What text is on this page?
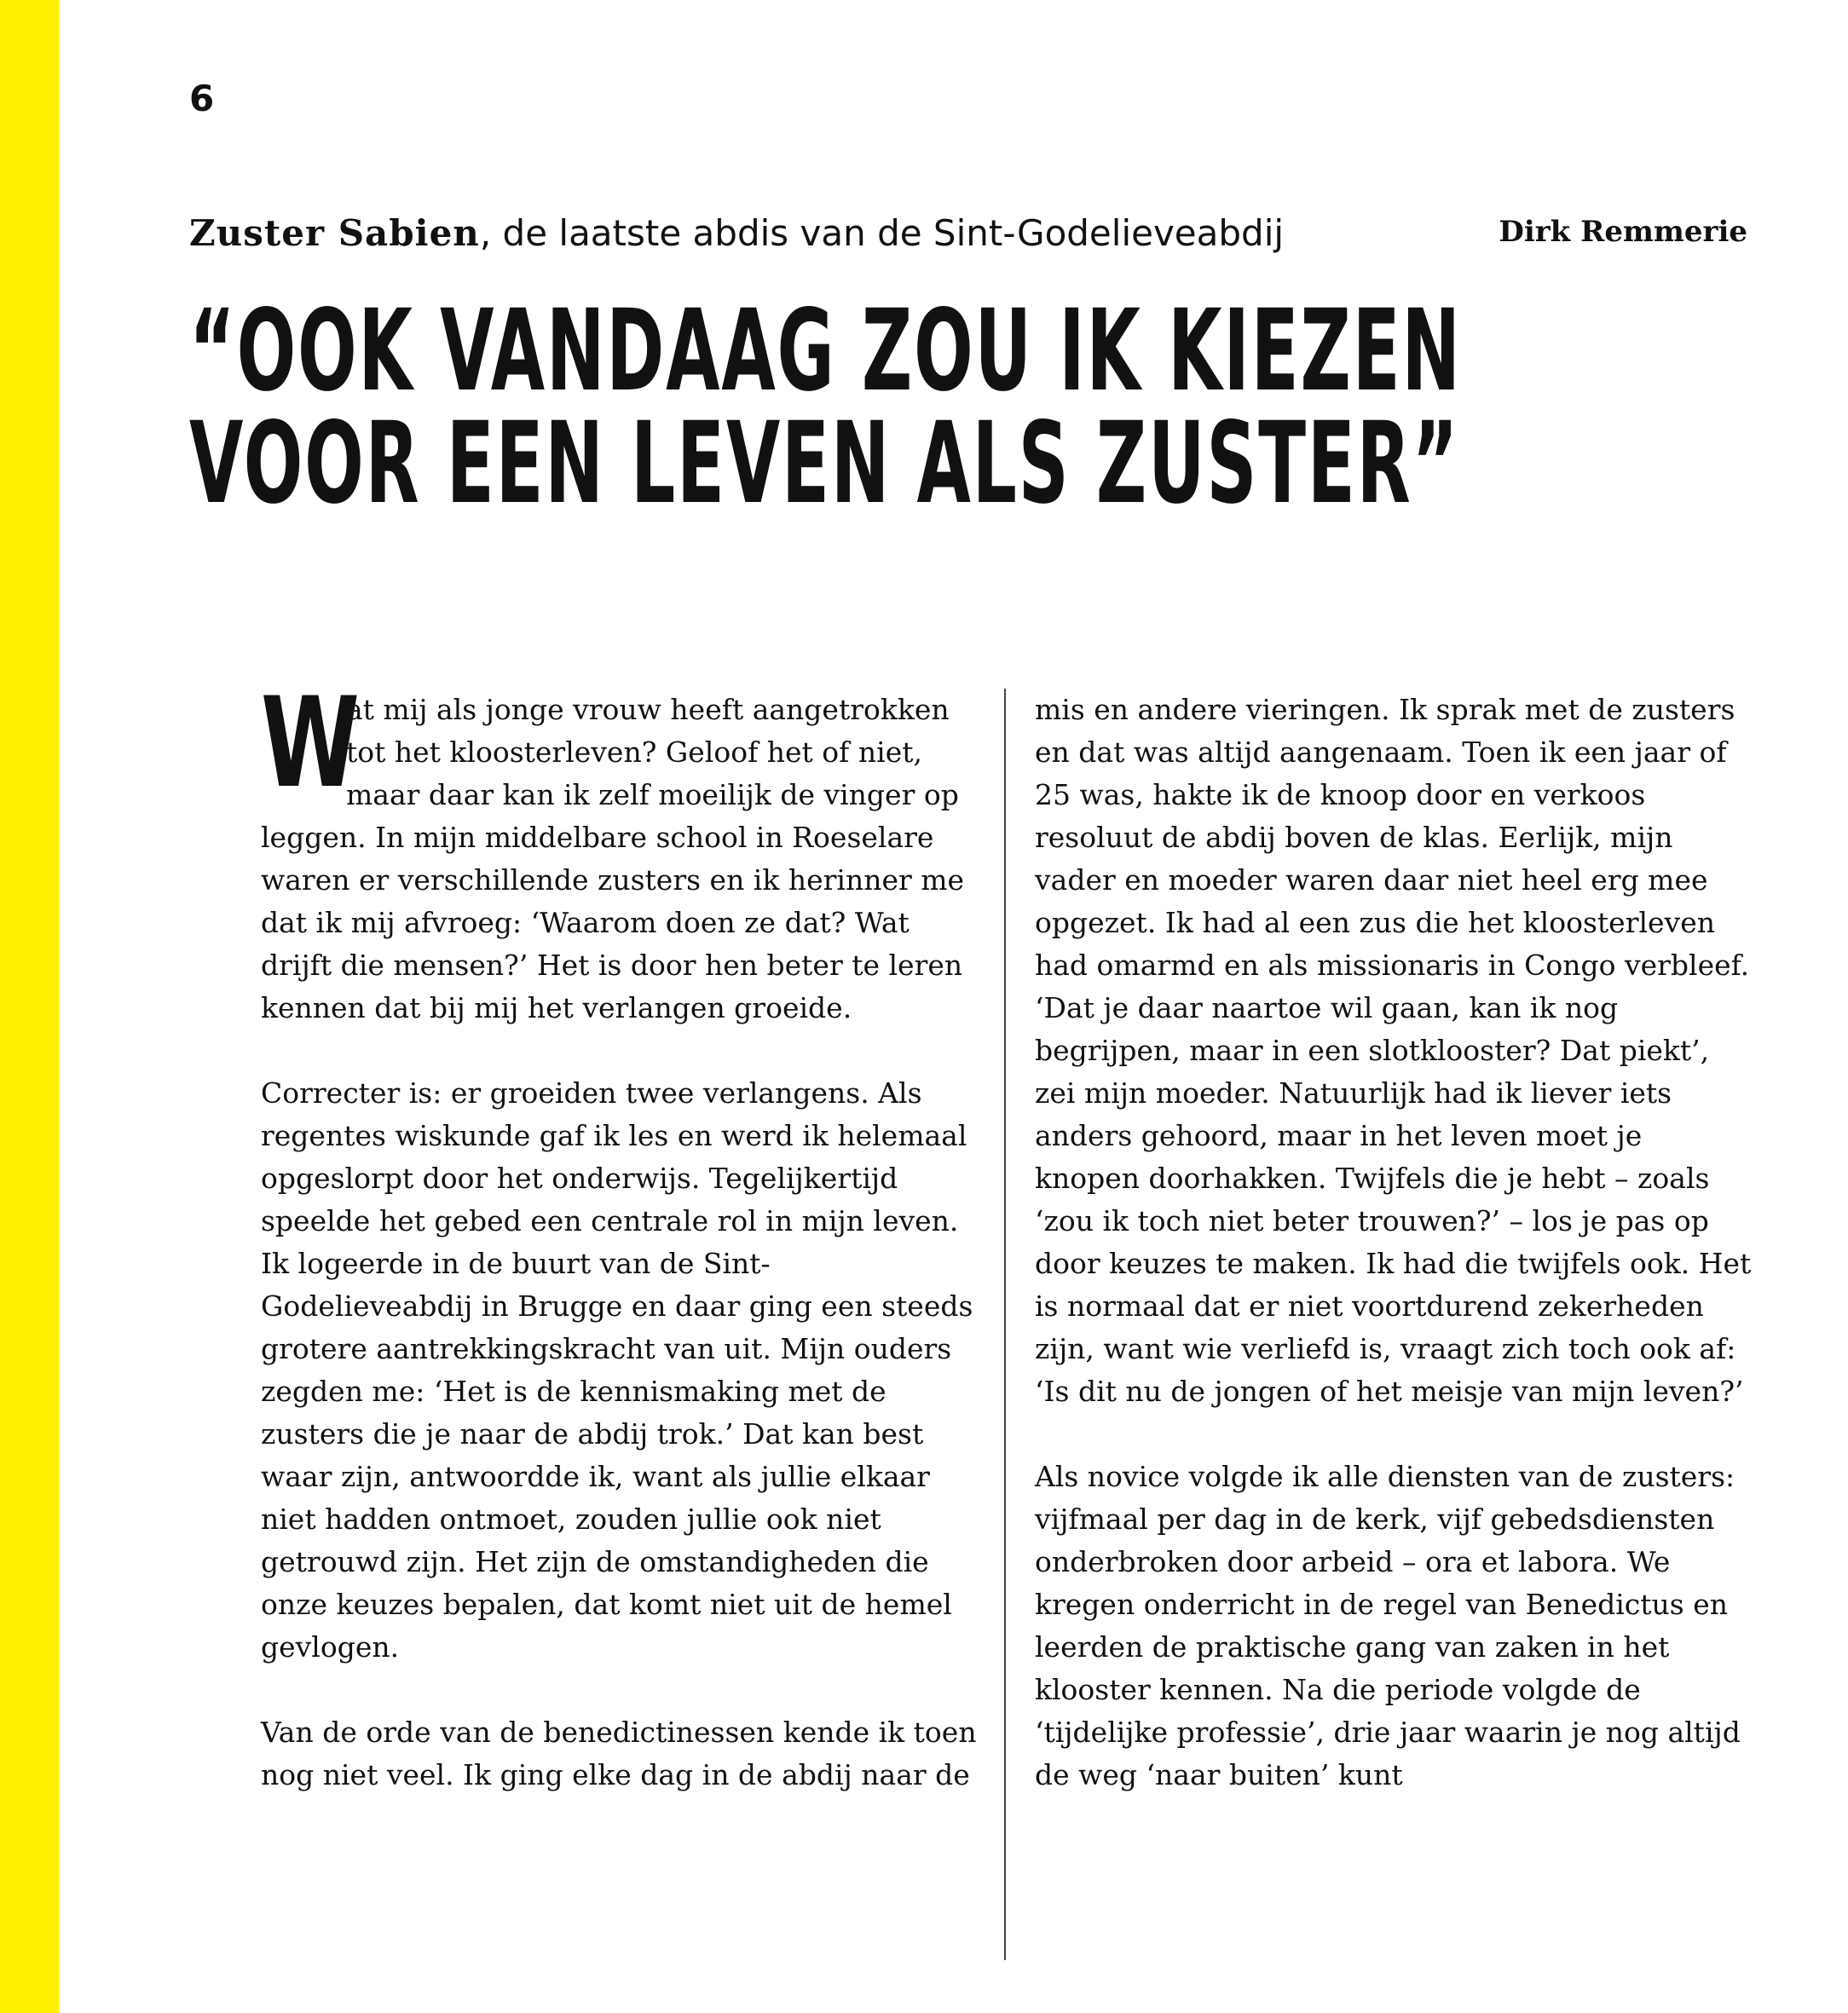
6
Zuster Sabien, de laatste abdis van de Sint-Godelieveabdij	Dirk Remmerie
“OOK VANDAAG ZOU IK KIEZEN
VOOR EEN LEVEN ALS ZUSTER”

W
at mij als jonge vrouw heeft aangetrokken tot het kloosterleven? Geloof het of niet, maar daar kan ik zelf moeilijk de vinger op leggen. In mijn middelbare school in Roeselare waren er verschillende zusters en ik herinner me dat ik mij afvroeg: ‘Waarom doen ze dat? Wat drijft die mensen?’ Het is door hen beter te leren kennen dat bij mij het verlangen groeide.

Correcter is: er groeiden twee verlangens. Als regentes wiskunde gaf ik les en werd ik helemaal opgeslorpt door het onderwijs. Tegelijkertijd speelde het gebed een centrale rol in mijn leven. Ik logeerde in de buurt van de Sint-Godelieveabdij in Brugge en daar ging een steeds grotere aantrekkingskracht van uit. Mijn ouders zegden me: ‘Het is de kennismaking met de zusters die je naar de abdij trok.’ Dat kan best waar zijn, antwoordde ik, want als jullie elkaar niet hadden ontmoet, zouden jullie ook niet getrouwd zijn. Het zijn de omstandigheden die onze keuzes bepalen, dat komt niet uit de hemel gevlogen.

Van de orde van de benedictinessen kende ik toen nog niet veel. Ik ging elke dag in de abdij naar de

mis en andere vieringen. Ik sprak met de zusters en dat was altijd aangenaam. Toen ik een jaar of 25 was, hakte ik de knoop door en verkoos resoluut de abdij boven de klas. Eerlijk, mijn vader en moeder waren daar niet heel erg mee opgezet. Ik had al een zus die het kloosterleven had omarmd en als missionaris in Congo verbleef. ‘Dat je daar naartoe wil gaan, kan ik nog begrijpen, maar in een slotklooster? Dat piekt’, zei mijn moeder. Natuurlijk had ik liever iets anders gehoord, maar in het leven moet je knopen doorhakken. Twijfels die je hebt – zoals ‘zou ik toch niet beter trouwen?’ – los je pas op door keuzes te maken. Ik had die twijfels ook. Het is normaal dat er niet voortdurend zekerheden zijn, want wie verliefd is, vraagt zich toch ook af: ‘Is dit nu de jongen of het meisje van mijn leven?’

Als novice volgde ik alle diensten van de zusters: vijfmaal per dag in de kerk, vijf gebedsdiensten onderbroken door arbeid – ora et labora. We kregen onderricht in de regel van Benedictus en leerden de praktische gang van zaken in het klooster kennen. Na die periode volgde de ‘tijdelijke professie’, drie jaar waarin je nog altijd de weg ‘naar buiten’ kunt
